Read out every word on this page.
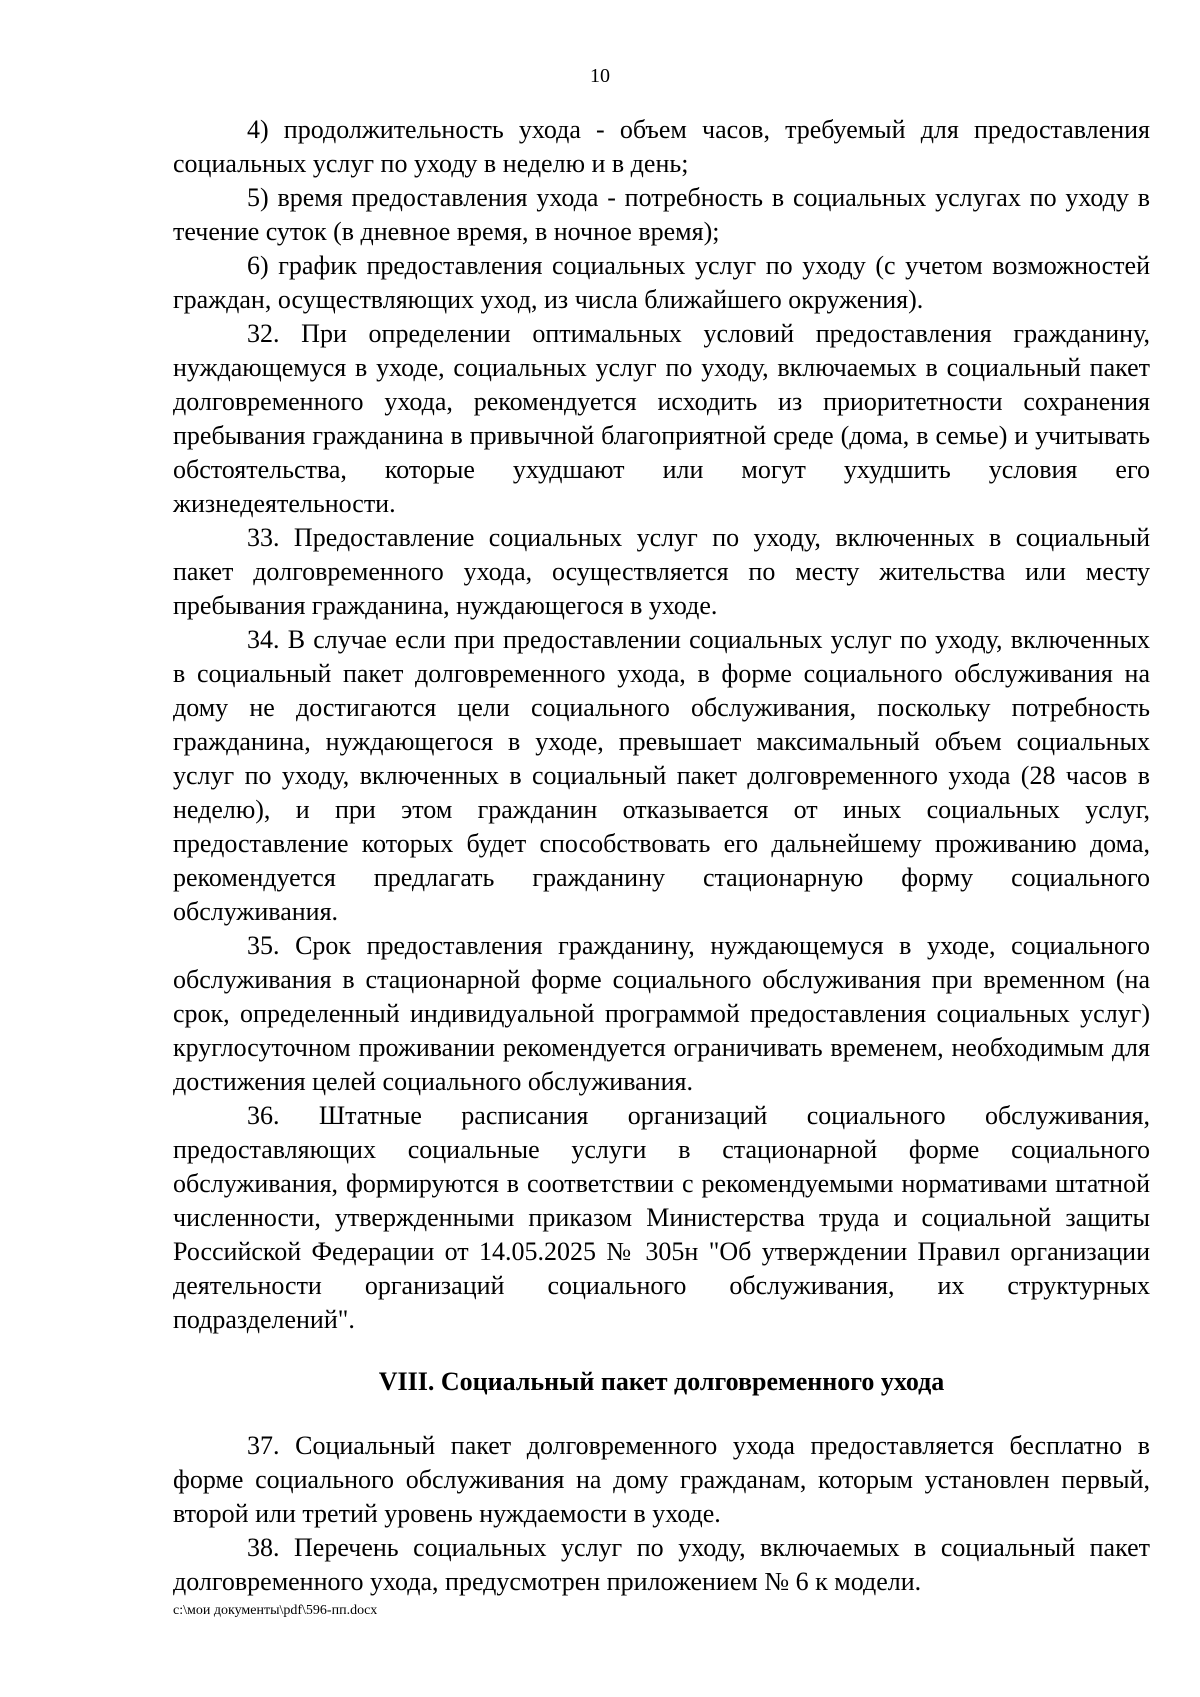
10

4) продолжительность ухода - объем часов, требуемый для предоставления социальных услуг по уходу в неделю и в день;

5) время предоставления ухода - потребность в социальных услугах по уходу в течение суток (в дневное время, в ночное время);

6) график предоставления социальных услуг по уходу (с учетом возможностей граждан, осуществляющих уход, из числа ближайшего окружения).

32. При определении оптимальных условий предоставления гражданину, нуждающемуся в уходе, социальных услуг по уходу, включаемых в социальный пакет долговременного ухода, рекомендуется исходить из приоритетности сохранения пребывания гражданина в привычной благоприятной среде (дома, в семье) и учитывать обстоятельства, которые ухудшают или могут ухудшить условия его жизнедеятельности.

33. Предоставление социальных услуг по уходу, включенных в социальный пакет долговременного ухода, осуществляется по месту жительства или месту пребывания гражданина, нуждающегося в уходе.

34. В случае если при предоставлении социальных услуг по уходу, включенных в социальный пакет долговременного ухода, в форме социального обслуживания на дому не достигаются цели социального обслуживания, поскольку потребность гражданина, нуждающегося в уходе, превышает максимальный объем социальных услуг по уходу, включенных в социальный пакет долговременного ухода (28 часов в неделю), и при этом гражданин отказывается от иных социальных услуг, предоставление которых будет способствовать его дальнейшему проживанию дома, рекомендуется предлагать гражданину стационарную форму социального обслуживания.

35. Срок предоставления гражданину, нуждающемуся в уходе, социального обслуживания в стационарной форме социального обслуживания при временном (на срок, определенный индивидуальной программой предоставления социальных услуг) круглосуточном проживании рекомендуется ограничивать временем, необходимым для достижения целей социального обслуживания.

36. Штатные расписания организаций социального обслуживания, предоставляющих социальные услуги в стационарной форме социального обслуживания, формируются в соответствии с рекомендуемыми нормативами штатной численности, утвержденными приказом Министерства труда и социальной защиты Российской Федерации от 14.05.2025 № 305н "Об утверждении Правил организации деятельности организаций социального обслуживания, их структурных подразделений".

VIII. Социальный пакет долговременного ухода

37. Социальный пакет долговременного ухода предоставляется бесплатно в форме социального обслуживания на дому гражданам, которым установлен первый, второй или третий уровень нуждаемости в уходе.

38. Перечень социальных услуг по уходу, включаемых в социальный пакет долговременного ухода, предусмотрен приложением № 6 к модели.

c:\мои документы\pdf\596-пп.docx
